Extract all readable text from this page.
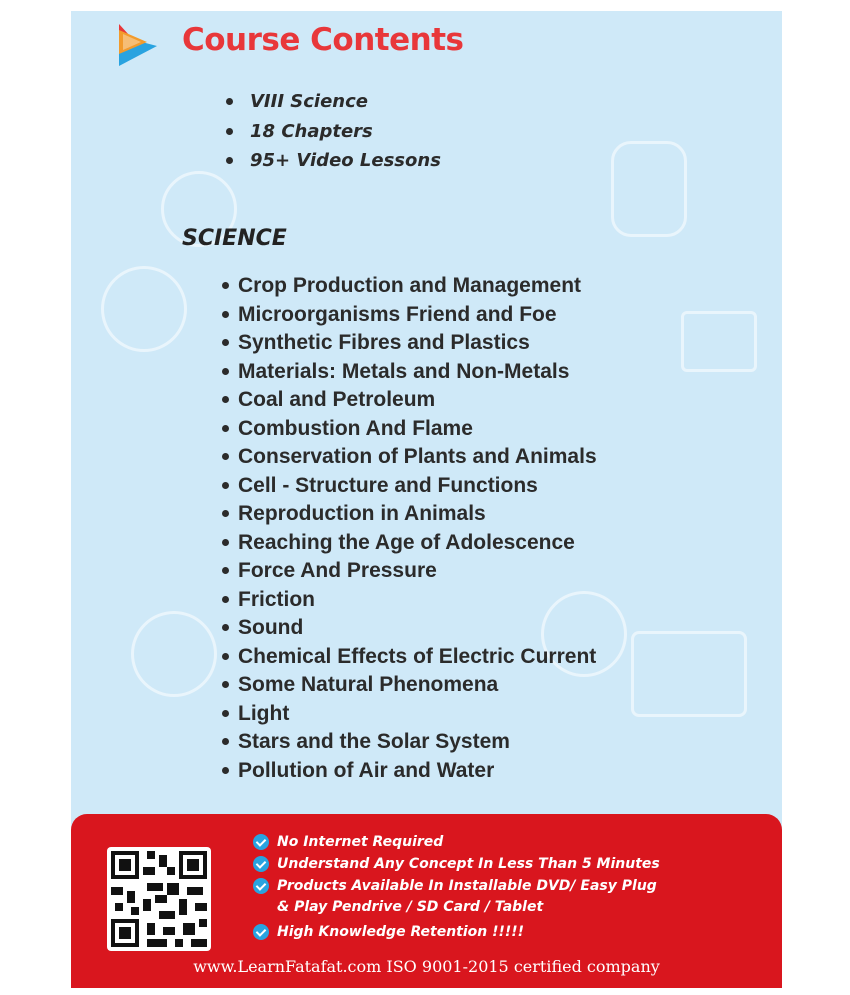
Course Contents
VIII Science
18 Chapters
95+ Video Lessons
SCIENCE
Crop Production and Management
Microorganisms Friend and Foe
Synthetic Fibres and Plastics
Materials: Metals and Non-Metals
Coal and Petroleum
Combustion And Flame
Conservation of Plants and Animals
Cell - Structure and Functions
Reproduction in Animals
Reaching the Age of Adolescence
Force And Pressure
Friction
Sound
Chemical Effects of Electric Current
Some Natural Phenomena
Light
Stars and the Solar System
Pollution of Air and Water
No Internet Required
Understand Any Concept In Less Than 5 Minutes
Products Available In Installable DVD/ Easy Plug & Play Pendrive / SD Card / Tablet
High Knowledge Retention !!!!!

www.LearnFatafat.com ISO 9001-2015 certified company
